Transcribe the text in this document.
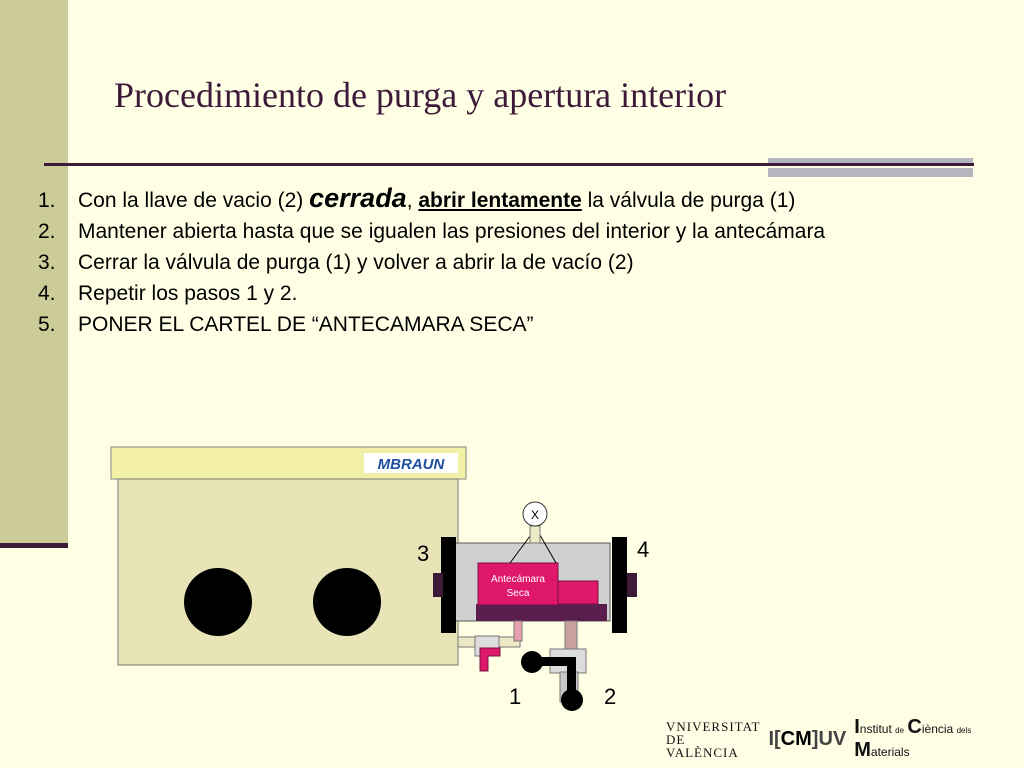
Procedimiento de purga y apertura interior
1. Con la llave de vacio (2) cerrada, abrir lentamente la válvula de purga (1)
2. Mantener abierta hasta que se igualen las presiones del interior y la antecámara
3. Cerrar la válvula de purga (1) y volver a abrir la de vacío (2)
4. Repetir los pasos 1 y 2.
5. PONER EL CARTEL DE “ANTECAMARA SECA”
MBRAUN
Antecámara
Seca
X
3	4
1	2
VNIVERSITAT
DE VALÈNCIA
I[CM]UV
Institut de Ciència dels Materials
